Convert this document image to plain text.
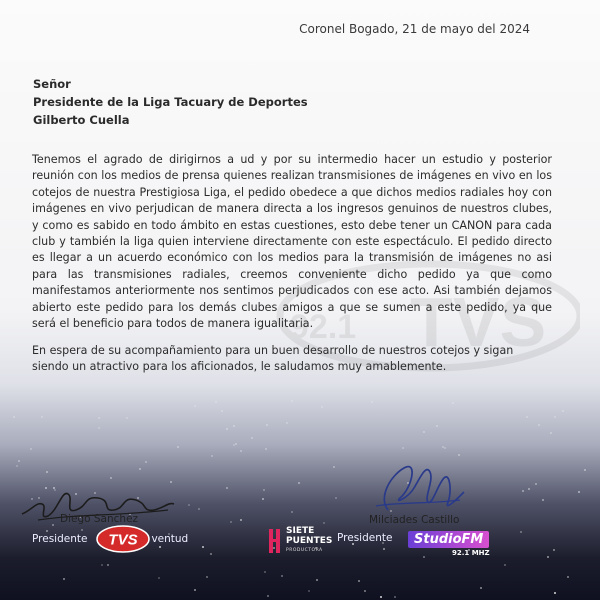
92.1 TVS
Coronel Bogado, 21 de mayo del 2024
Señor
Presidente de la Liga Tacuary de Deportes
Gilberto Cuella

Tenemos el agrado de dirigirnos a ud y por su intermedio hacer un estudio y posterior reunión con los medios de prensa quienes realizan transmisiones de imágenes en vivo en los cotejos de nuestra Prestigiosa Liga, el pedido obedece a que dichos medios radiales hoy con imágenes en vivo perjudican de manera directa a los ingresos genuinos de nuestros clubes, y como es sabido en todo ámbito en estas cuestiones, esto debe tener un CANON para cada club y también la liga quien interviene directamente con este espectáculo. El pedido directo es llegar a un acuerdo económico con los medios para la transmisión de imágenes no asi para las transmisiones radiales, creemos conveniente dicho pedido ya que como manifestamos anteriormente nos sentimos perjudicados con ese acto. Asi también dejamos abierto este pedido para los demás clubes amigos a que se sumen a este pedido, ya que será el beneficio para todos de manera igualitaria.

En espera de su acompañamiento para un buen desarrollo de nuestros cotejos y sigan siendo un atractivo para los aficionados, le saludamos muy amablemente.
Diego Sanchez	Milciades Castillo
Presidente	ventud	Presidente
TVS
SIETE
PUENTES
PRODUCTORA
StudioFM
92.1 MHZ
